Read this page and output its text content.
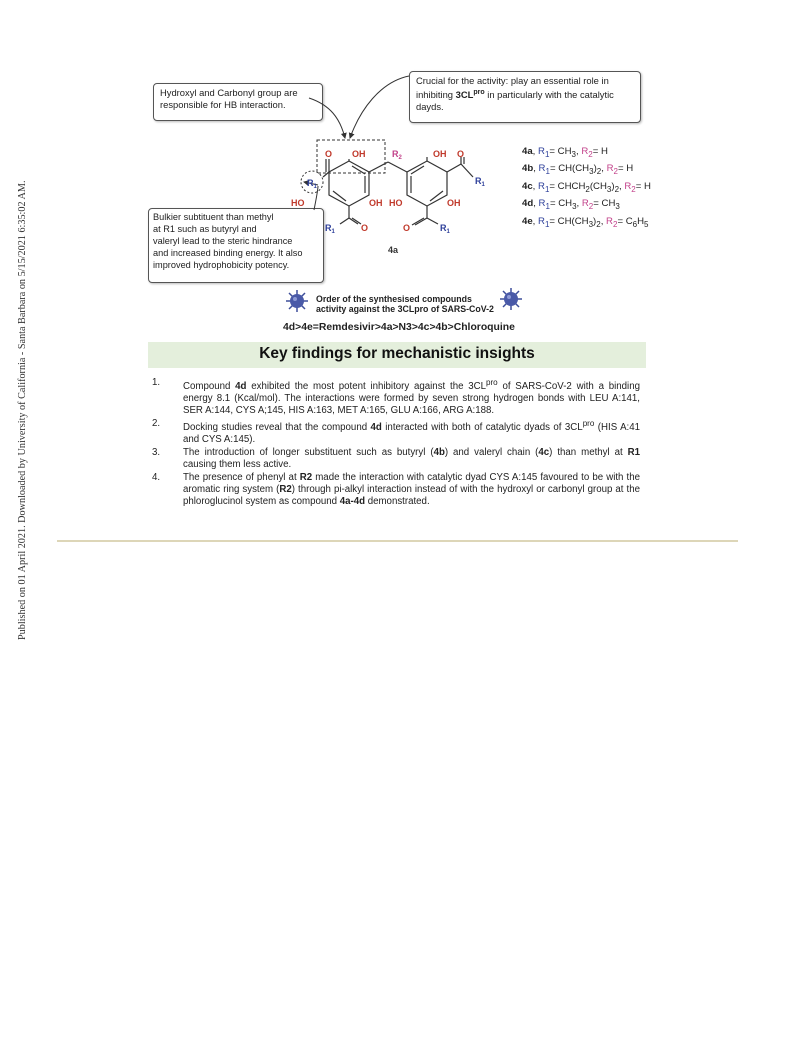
Published on 01 April 2021. Downloaded by University of California - Santa Barbara on 5/15/2021 6:35:02 AM.
Hydroxyl and Carbonyl group are
responsible for HB interaction.
Crucial for the activity: play an essential role in
inhibiting $3CL^{pro}$ in particularly with the catalytic
dayds.
Bulkier subtituent than methyl
at R1 such as butyryl and
valeryl lead to the steric hindrance
and increased binding energy. It also
improved hydrophobicity potency.
O OH	$R_2$	OH O
$R_1$
$R_1$
HO	OH HO	OH
$R_1$	O	O	$R_1$
4a
4a, $R_1= CH_3$, $R_2= H$
4b, $R_1= CH(CH_3)_2$, $R_2= H$
4c, $R_1=$ $CHCH_2(CH_3)_2$, $R_2= H$
4d, $R_1= CH_3$, $R_2= CH_3$
4e, $R_1= CH(CH_3)_2$, $R_2= C_6H_5$
Order of the synthesised compounds
activity against the 3CLpro of SARS-CoV-2
4d>4e=Remdesivir>4a>N3>4c>4b>Chloroquine
Key findings for mechanistic insights
1.	Compound 4d exhibited the most potent inhibitory against the $3CL^{pro}$ of SARS-CoV-2 with a binding energy 8.1 (Kcal/mol). The interactions were formed by seven strong hydrogen bonds with LEU A:141, SER A:144, CYS A;145, HIS A:163, MET A:165, GLU A:166, ARG A:188.
2.	Docking studies reveal that the compound 4d interacted with both of catalytic dyads of $3CL^{pro}$ (HIS A:41 and CYS A:145).
3.	The introduction of longer substituent such as butyryl (4b) and valeryl chain (4c) than methyl at R1 causing them less active.
4.	The presence of phenyl at R2 made the interaction with catalytic dyad CYS A:145 favoured to be with the aromatic ring system (R2) through pi-alkyl interaction instead of with the hydroxyl or carbonyl group at the phloroglucinol system as compound 4a-4d demonstrated.
